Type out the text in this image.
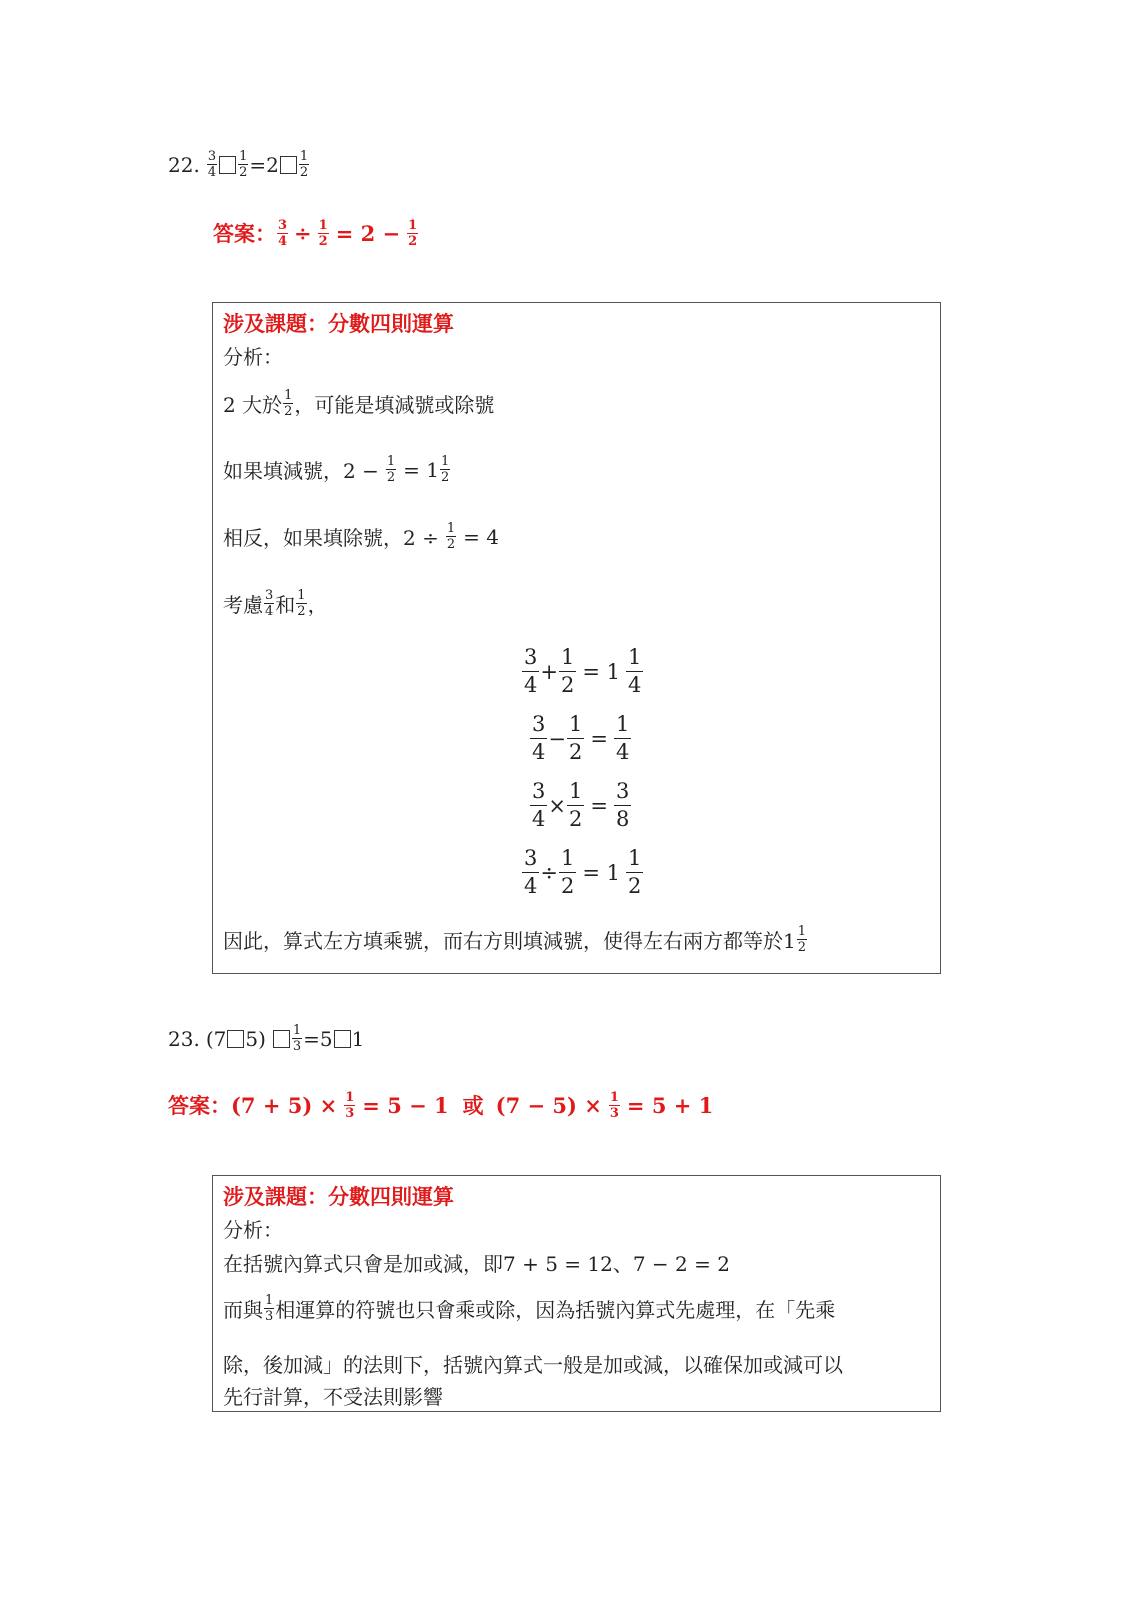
22. $\frac{3}{4} \frac{1}{2} = 2 \frac{1}{2}$
答案： $\frac{3}{4} \div \frac{1}{2} = 2 - \frac{1}{2}$
涉及課題：分數四則運算
分析：
2 大於 $\frac{1}{2}$ ，可能是填減號或除號
如果填減號，$2 - \frac{1}{2} = 1 \frac{1}{2}$
相反，如果填除號，$2 \div \frac{1}{2} = 4$
考慮 $\frac{3}{4}$ 和 $\frac{1}{2}$ ，
$\frac{3}{4} + \frac{1}{2} = 1 \frac{1}{4}$
$\frac{3}{4} - \frac{1}{2} = \frac{1}{4}$
$\frac{3}{4} \times \frac{1}{2} = \frac{3}{8}$
$\frac{3}{4} \div \frac{1}{2} = 1 \frac{1}{2}$
因此，算式左方填乘號，而右方則填減號，使得左右兩方都等於$1 \frac{1}{2}$
23. (7 $5) \frac{1}{3} =5$ 1
答案： $(7 + 5) \times \frac{1}{3} = 5 - 1$ 或 $(7 - 5) \times \frac{1}{3} = 5 + 1$
涉及課題：分數四則運算
分析：
在括號內算式只會是加或減，即7 + 5 = 12、7 − 2 = 2
而與 $\frac{1}{3}$ 相運算的符號也只會乘或除，因為括號內算式先處理，在「先乘
除，後加減」的法則下，括號內算式一般是加或減，以確保加或減可以
先行計算，不受法則影響
